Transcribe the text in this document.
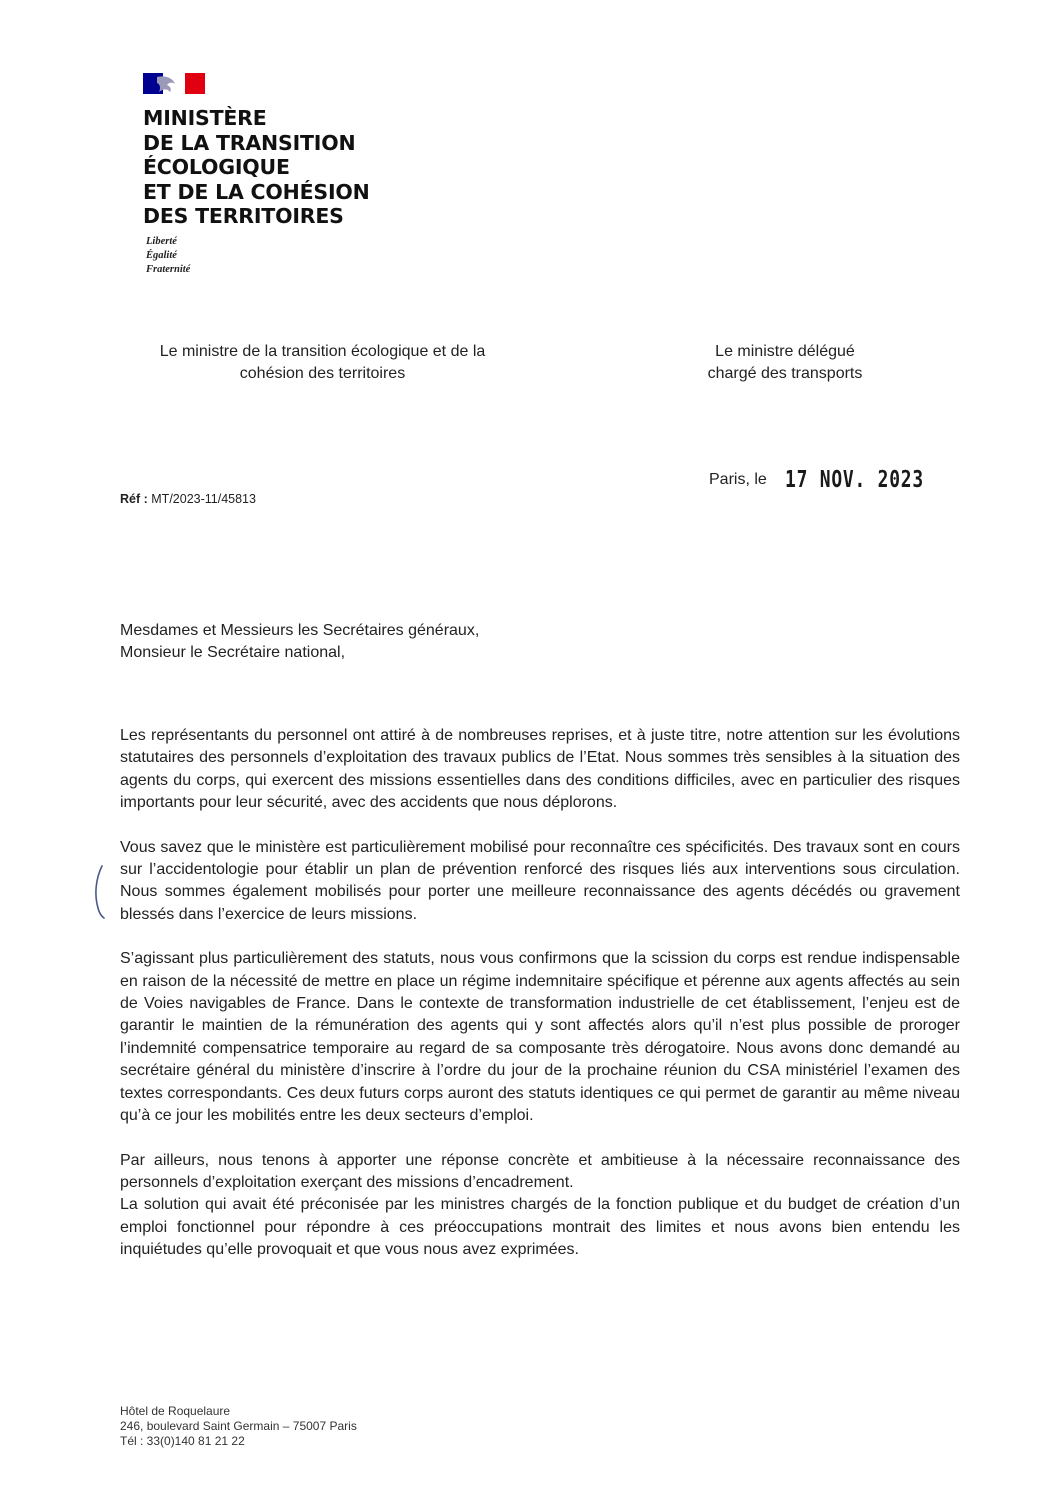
MINISTÈRE
DE LA TRANSITION
ÉCOLOGIQUE
ET DE LA COHÉSION
DES TERRITOIRES
Liberté
Égalité
Fraternité
Le ministre de la transition écologique et de la
cohésion des territoires
Le ministre délégué
chargé des transports
Paris, le 17 NOV. 2023
Réf : MT/2023-11/45813
Mesdames et Messieurs les Secrétaires généraux,
Monsieur le Secrétaire national,

Les représentants du personnel ont attiré à de nombreuses reprises, et à juste titre, notre attention sur les évolutions statutaires des personnels d’exploitation des travaux publics de l’Etat. Nous sommes très sensibles à la situation des agents du corps, qui exercent des missions essentielles dans des conditions difficiles, avec en particulier des risques importants pour leur sécurité, avec des accidents que nous déplorons.

Vous savez que le ministère est particulièrement mobilisé pour reconnaître ces spécificités. Des travaux sont en cours sur l’accidentologie pour établir un plan de prévention renforcé des risques liés aux interventions sous circulation. Nous sommes également mobilisés pour porter une meilleure reconnaissance des agents décédés ou gravement blessés dans l’exercice de leurs missions.

S’agissant plus particulièrement des statuts, nous vous confirmons que la scission du corps est rendue indispensable en raison de la nécessité de mettre en place un régime indemnitaire spécifique et pérenne aux agents affectés au sein de Voies navigables de France. Dans le contexte de transformation industrielle de cet établissement, l’enjeu est de garantir le maintien de la rémunération des agents qui y sont affectés alors qu’il n’est plus possible de proroger l’indemnité compensatrice temporaire au regard de sa composante très dérogatoire. Nous avons donc demandé au secrétaire général du ministère d’inscrire à l’ordre du jour de la prochaine réunion du CSA ministériel l’examen des textes correspondants. Ces deux futurs corps auront des statuts identiques ce qui permet de garantir au même niveau qu’à ce jour les mobilités entre les deux secteurs d’emploi.

Par ailleurs, nous tenons à apporter une réponse concrète et ambitieuse à la nécessaire reconnaissance des personnels d’exploitation exerçant des missions d’encadrement.

La solution qui avait été préconisée par les ministres chargés de la fonction publique et du budget de création d’un emploi fonctionnel pour répondre à ces préoccupations montrait des limites et nous avons bien entendu les inquiétudes qu’elle provoquait et que vous nous avez exprimées.

Hôtel de Roquelaure
246, boulevard Saint Germain – 75007 Paris
Tél : 33(0)140 81 21 22
